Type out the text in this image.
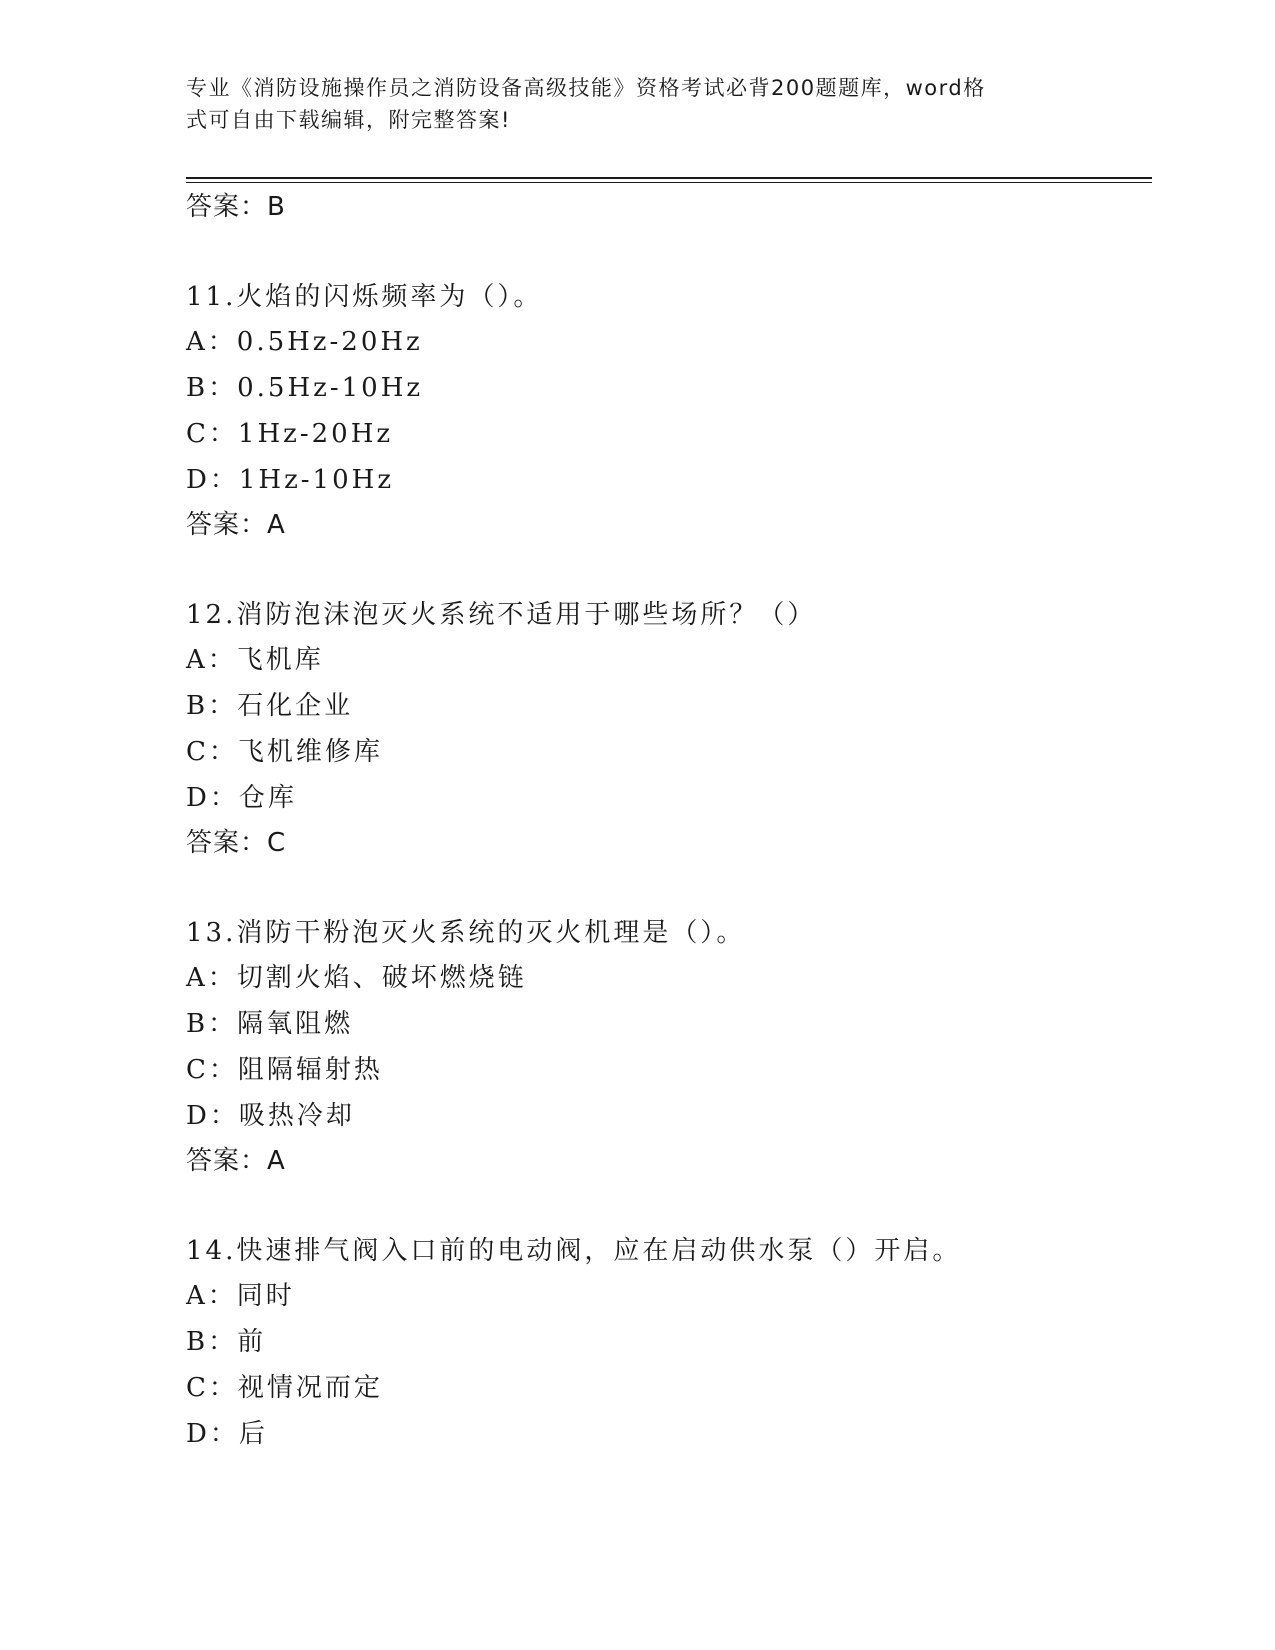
专业《消防设施操作员之消防设备高级技能》资格考试必背200题题库，word格
式可自由下载编辑，附完整答案!
答案：B
11.火焰的闪烁频率为（）。
A：0.5Hz-20Hz
B：0.5Hz-10Hz
C：1Hz-20Hz
D：1Hz-10Hz
答案：A
12.消防泡沫泡灭火系统不适用于哪些场所？（）
A：飞机库
B：石化企业
C：飞机维修库
D：仓库
答案：C
13.消防干粉泡灭火系统的灭火机理是（）。
A：切割火焰、破坏燃烧链
B：隔氧阻燃
C：阻隔辐射热
D：吸热冷却
答案：A
14.快速排气阀入口前的电动阀，应在启动供水泵（）开启。
A：同时
B：前
C：视情况而定
D：后
